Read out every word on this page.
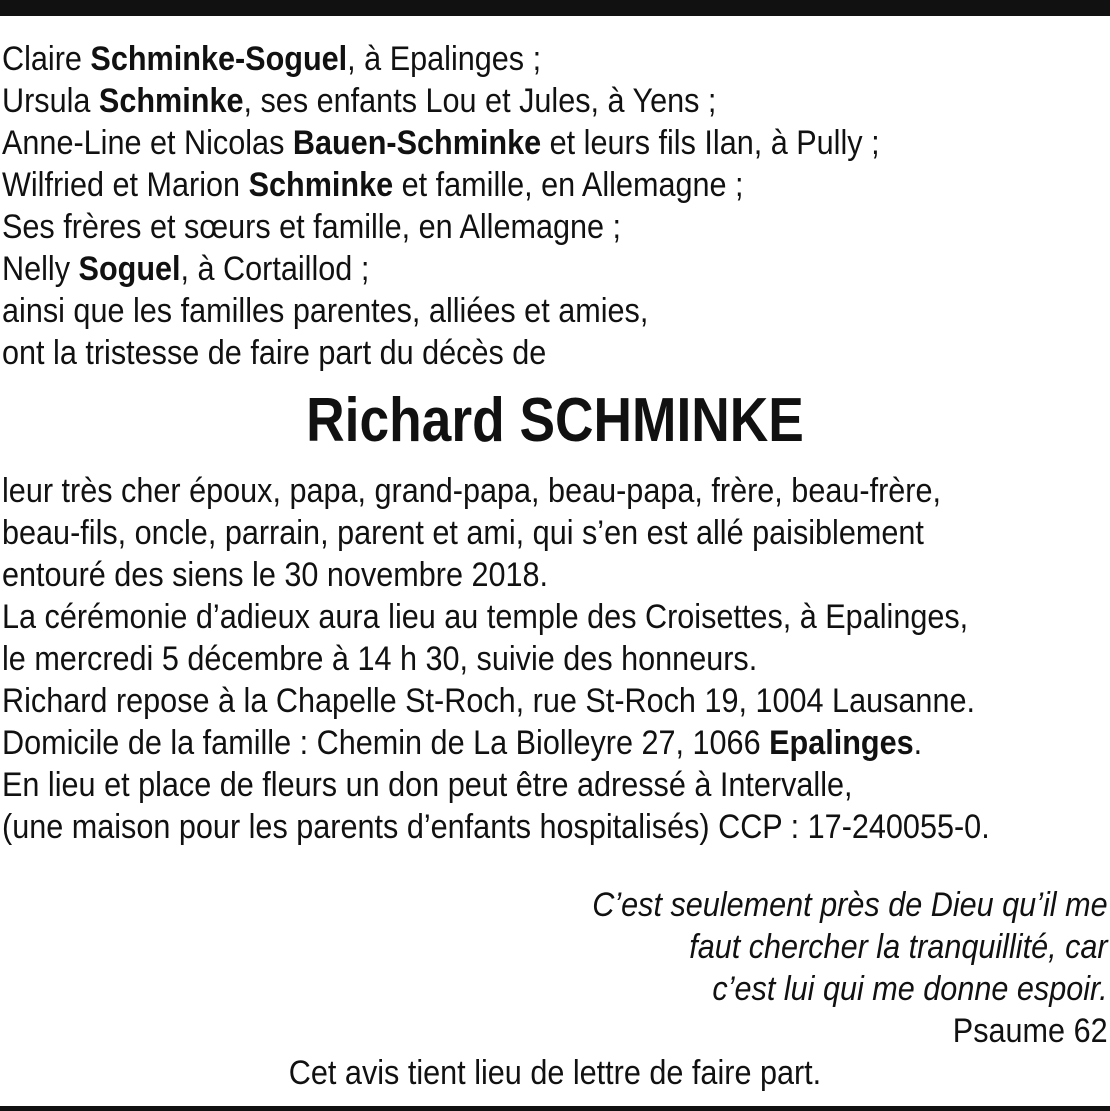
Claire Schminke-Soguel, à Epalinges ;
Ursula Schminke, ses enfants Lou et Jules, à Yens ;
Anne-Line et Nicolas Bauen-Schminke et leurs fils Ilan, à Pully ;
Wilfried et Marion Schminke et famille, en Allemagne ;
Ses frères et sœurs et famille, en Allemagne ;
Nelly Soguel, à Cortaillod ;
ainsi que les familles parentes, alliées et amies,
ont la tristesse de faire part du décès de
Richard SCHMINKE
leur très cher époux, papa, grand-papa, beau-papa, frère, beau-frère,
beau-fils, oncle, parrain, parent et ami, qui s’en est allé paisiblement
entouré des siens le 30 novembre 2018.
La cérémonie d’adieux aura lieu au temple des Croisettes, à Epalinges,
le mercredi 5 décembre à 14 h 30, suivie des honneurs.
Richard repose à la Chapelle St-Roch, rue St-Roch 19, 1004 Lausanne.
Domicile de la famille : Chemin de La Biolleyre 27, 1066 Epalinges.
En lieu et place de fleurs un don peut être adressé à Intervalle,
(une maison pour les parents d’enfants hospitalisés) CCP : 17-240055-0.
C’est seulement près de Dieu qu’il me
faut chercher la tranquillité, car
c’est lui qui me donne espoir.
Psaume 62
Cet avis tient lieu de lettre de faire part.
